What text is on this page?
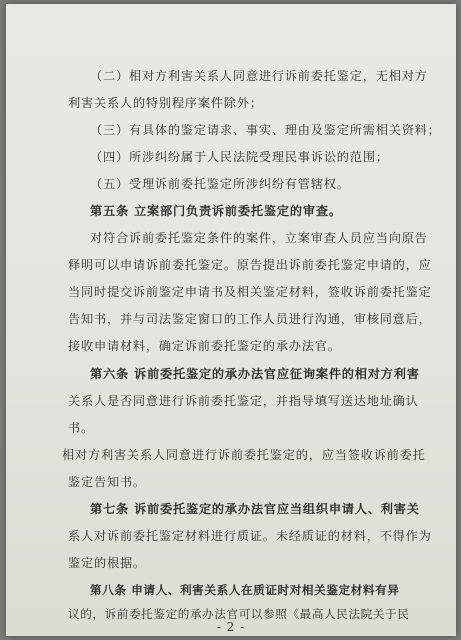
（二）相对方利害关系人同意进行诉前委托鉴定，无相对方
利害关系人的特别程序案件除外；
（三）有具体的鉴定请求、事实、理由及鉴定所需相关资料；
（四）所涉纠纷属于人民法院受理民事诉讼的范围；
（五）受理诉前委托鉴定所涉纠纷有管辖权。
第五条 立案部门负责诉前委托鉴定的审查。
对符合诉前委托鉴定条件的案件，立案审查人员应当向原告
释明可以申请诉前委托鉴定。原告提出诉前委托鉴定申请的，应
当同时提交诉前鉴定申请书及相关鉴定材料，签收诉前委托鉴定
告知书，并与司法鉴定窗口的工作人员进行沟通，审核同意后，
接收申请材料，确定诉前委托鉴定的承办法官。
第六条 诉前委托鉴定的承办法官应征询案件的相对方利害
关系人是否同意进行诉前委托鉴定，并指导填写送达地址确认
书。
相对方利害关系人同意进行诉前委托鉴定的，应当签收诉前委托
鉴定告知书。
第七条 诉前委托鉴定的承办法官应当组织申请人、利害关
系人对诉前委托鉴定材料进行质证。未经质证的材料，不得作为
鉴定的根据。
第八条 申请人、利害关系人在质证时对相关鉴定材料有异
议的，诉前委托鉴定的承办法官可以参照《最高人民法院关于民
- 2 -
